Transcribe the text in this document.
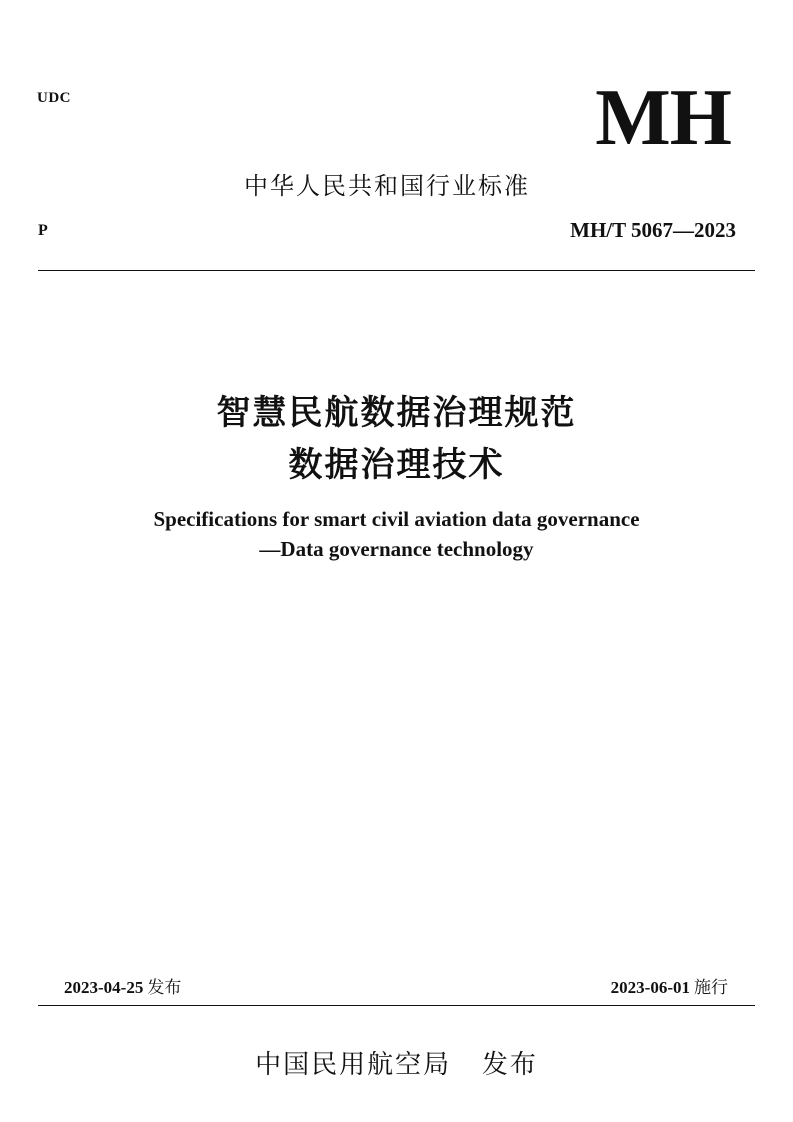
UDC	MH
中华人民共和国行业标准
P	MH/T 5067—2023
智慧民航数据治理规范
数据治理技术
Specifications for smart civil aviation data governance
—Data governance technology
2023-04-25 发布	2023-06-01 施行
中国民用航空局 发布
